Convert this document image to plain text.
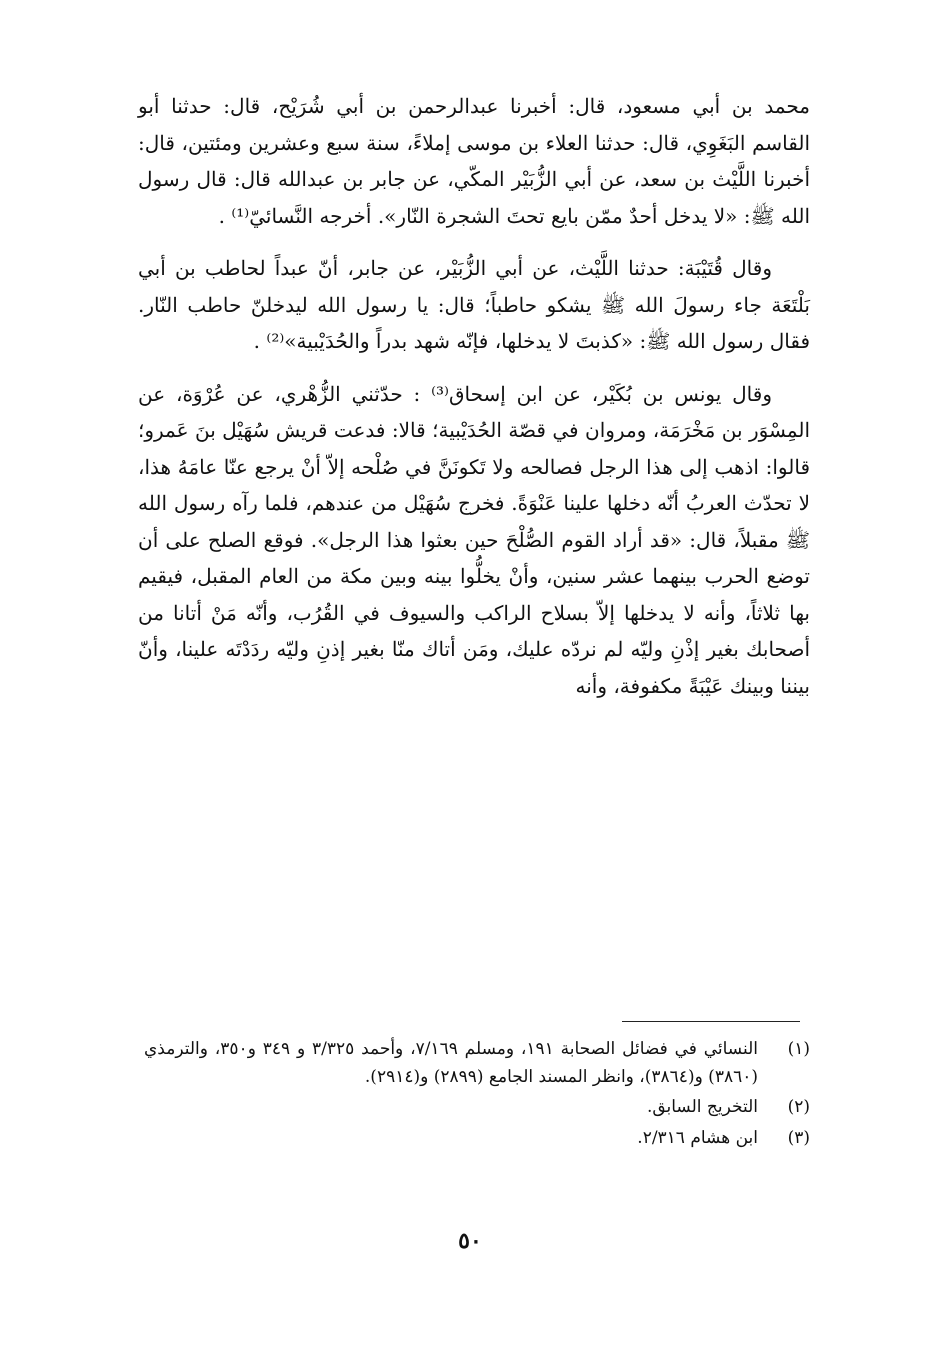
محمد بن أبي مسعود، قال: أخبرنا عبدالرحمن بن أبي شُرَيْح، قال: حدثنا أبو القاسم البَغَوِي، قال: حدثنا العلاء بن موسى إملاءً، سنة سبع وعشرين ومئتين، قال: أخبرنا اللَّيْث بن سعد، عن أبي الزُّبَيْر المكّي، عن جابر بن عبدالله قال: قال رسول الله ﷺ: «لا يدخل أحدٌ ممّن بايع تحتَ الشجرة النّار». أخرجه النَّسائيّ⁽¹⁾ .

وقال قُتَيْبَة: حدثنا اللَّيْث، عن أبي الزُّبَيْر، عن جابر، أنّ عبداً لحاطب بن أبي بَلْتَعَة جاء رسولَ الله ﷺ يشكو حاطباً؛ قال: يا رسول الله ليدخلنّ حاطب النّار. فقال رسول الله ﷺ: «كذبتَ لا يدخلها، فإنّه شهد بدراً والحُدَيْبية»⁽²⁾ .

وقال يونس بن بُكَيْر، عن ابن إسحاق⁽³⁾ : حدّثني الزُّهْري، عن عُرْوَة، عن المِسْوَر بن مَخْرَمَة، ومروان في قصّة الحُدَيْبية؛ قالا: فدعت قريش سُهَيْل بنَ عَمرو؛ قالوا: اذهب إلى هذا الرجل فصالحه ولا تَكونَنَّ في صُلْحه إلاّ أنْ يرجع عنّا عامَهُ هذا، لا تحدّث العربُ أنّه دخلها علينا عَنْوَةً. فخرج سُهَيْل من عندهم، فلما رآه رسول الله ﷺ مقبلاً، قال: «قد أراد القوم الصُّلْحَ حين بعثوا هذا الرجل». فوقع الصلح على أن توضع الحرب بينهما عشر سنين، وأنْ يخلُّوا بينه وبين مكة من العام المقبل، فيقيم بها ثلاثاً، وأنه لا يدخلها إلاّ بسلاح الراكب والسيوف في القُرُب، وأنّه مَنْ أتانا من أصحابك بغير إذْنِ وليّه لم نردّه عليك، ومَن أتاك منّا بغير إذنِ وليّه ردَدْتَه علينا، وأنّ بيننا وبينك عَيْبَةً مكفوفة، وأنه

(١)
النسائي في فضائل الصحابة ١٩١، ومسلم ٧/١٦٩، وأحمد ٣/٣٢٥ و ٣٤٩ و٣٥٠، والترمذي (٣٨٦٠) و(٣٨٦٤)، وانظر المسند الجامع (٢٨٩٩) و(٢٩١٤).
(٢)
التخريج السابق.
(٣)
ابن هشام ٢/٣١٦.
٥٠
